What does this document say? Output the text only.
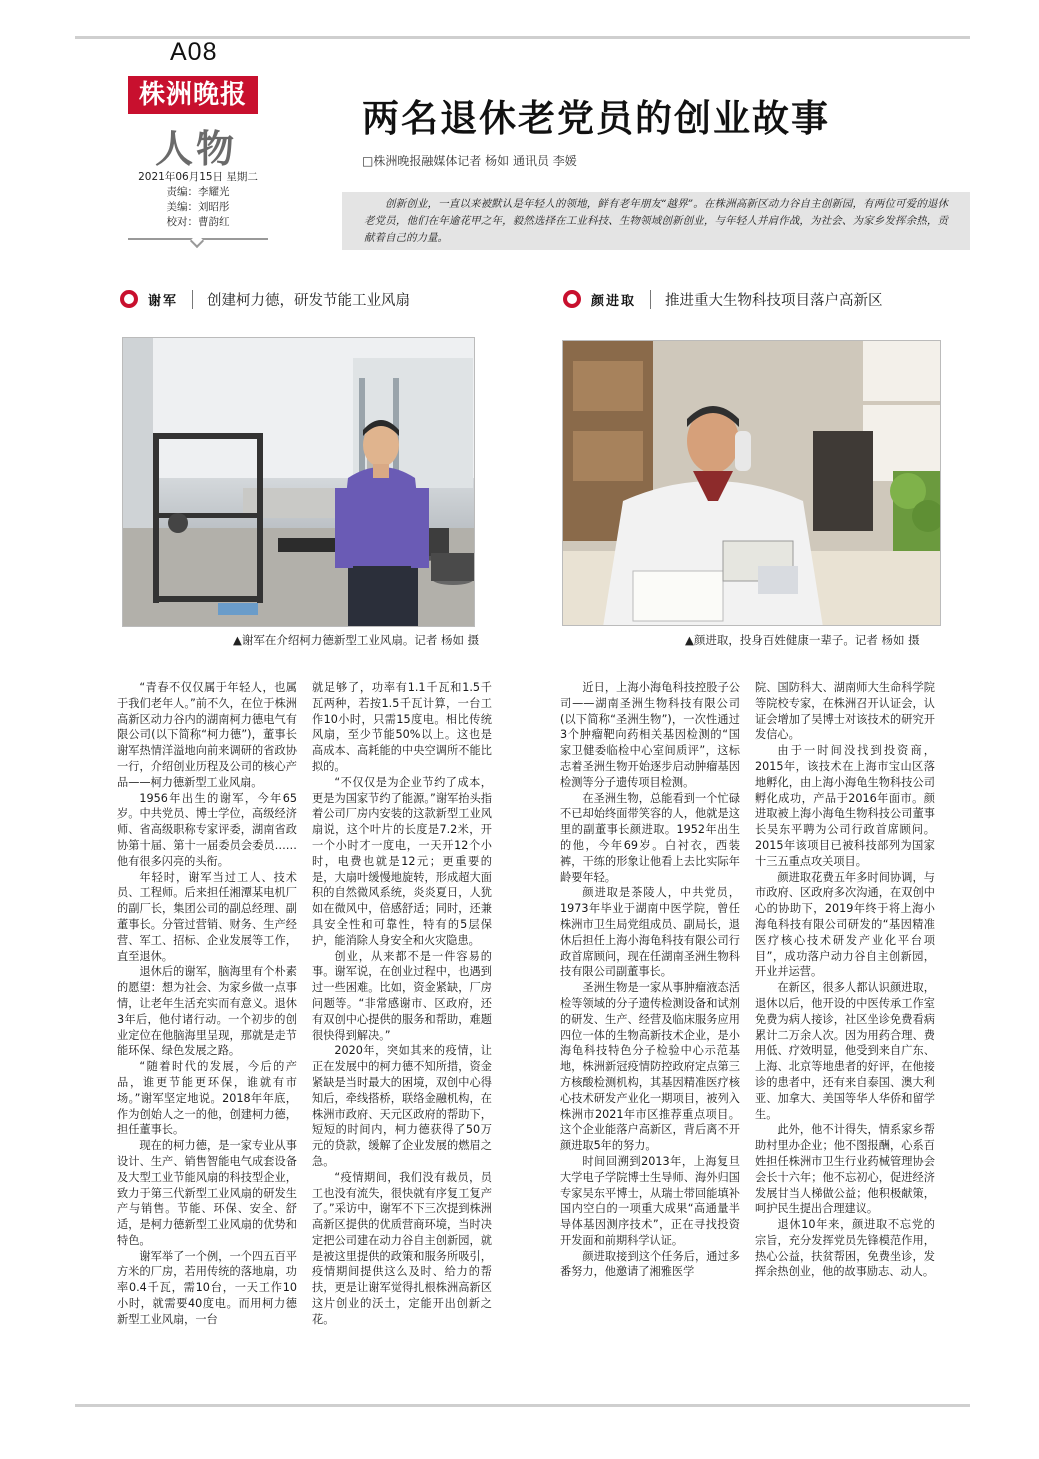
A08
株洲晚报
人物
2021年06月15日 星期二
责编：李耀光
美编：刘昭彤
校对：曹韵红
两名退休老党员的创业故事
□株洲晚报融媒体记者 杨如 通讯员 李媛
创新创业，一直以来被默认是年轻人的领地，鲜有老年朋友“越界”。在株洲高新区动力谷自主创新园，有两位可爱的退休老党员，他们在年逾花甲之年，毅然选择在工业科技、生物领域创新创业，与年轻人并肩作战，为社会、为家乡发挥余热，贡献着自己的力量。
谢军	创建柯力德，研发节能工业风扇	颜进取	推进重大生物科技项目落户高新区
▲谢军在介绍柯力德新型工业风扇。记者 杨如 摄	▲颜进取，投身百姓健康一辈子。记者 杨如 摄

“青春不仅仅属于年轻人，也属于我们老年人。”前不久，在位于株洲高新区动力谷内的湖南柯力德电气有限公司(以下简称“柯力德”)，董事长谢军热情洋溢地向前来调研的省政协一行，介绍创业历程及公司的核心产品——柯力德新型工业风扇。

1956年出生的谢军，今年65岁。中共党员、博士学位，高级经济师、省高级职称专家评委，湖南省政协第十届、第十一届委员会委员……他有很多闪亮的头衔。

年轻时，谢军当过工人、技术员、工程师。后来担任湘潭某电机厂的副厂长，集团公司的副总经理、副董事长。分管过营销、财务、生产经营、军工、招标、企业发展等工作，直至退休。

退休后的谢军，脑海里有个朴素的愿望：想为社会、为家乡做一点事情，让老年生活充实而有意义。退休3年后，他付诸行动。一个初步的创业定位在他脑海里呈现，那就是走节能环保、绿色发展之路。

“随着时代的发展，今后的产品，谁更节能更环保，谁就有市场。”谢军坚定地说。2018年年底，作为创始人之一的他，创建柯力德，担任董事长。

现在的柯力德，是一家专业从事设计、生产、销售智能电气成套设备及大型工业节能风扇的科技型企业，致力于第三代新型工业风扇的研发生产与销售。节能、环保、安全、舒适，是柯力德新型工业风扇的优势和特色。

谢军举了一个例，一个四五百平方米的厂房，若用传统的落地扇，功率0.4千瓦，需10台，一天工作10小时，就需要40度电。而用柯力德新型工业风扇，一台

就足够了，功率有1.1千瓦和1.5千瓦两种，若按1.5千瓦计算，一台工作10小时，只需15度电。相比传统风扇，至少节能50%以上。这也是高成本、高耗能的中央空调所不能比拟的。

“不仅仅是为企业节约了成本，更是为国家节约了能源。”谢军抬头指着公司厂房内安装的这款新型工业风扇说，这个叶片的长度是7.2米，开一个小时才一度电，一天开12个小时，电费也就是12元；更重要的是，大扇叶缓慢地旋转，形成超大面积的自然微风系统，炎炎夏日，人犹如在微风中，倍感舒适；同时，还兼具安全性和可靠性，特有的5层保护，能消除人身安全和火灾隐患。

创业，从来都不是一件容易的事。谢军说，在创业过程中，也遇到过一些困难。比如，资金紧缺，厂房问题等。“非常感谢市、区政府，还有双创中心提供的服务和帮助，难题很快得到解决。”

2020年，突如其来的疫情，让正在发展中的柯力德不知所措，资金紧缺是当时最大的困境，双创中心得知后，牵线搭桥，联络金融机构，在株洲市政府、天元区政府的帮助下，短短的时间内，柯力德获得了50万元的贷款，缓解了企业发展的燃眉之急。

“疫情期间，我们没有裁员，员工也没有流失，很快就有序复工复产了。”采访中，谢军不下三次提到株洲高新区提供的优质营商环境，当时决定把公司建在动力谷自主创新园，就是被这里提供的政策和服务所吸引，疫情期间提供这么及时、给力的帮扶，更是让谢军觉得扎根株洲高新区这片创业的沃土，定能开出创新之花。

近日，上海小海龟科技控股子公司——湖南圣洲生物科技有限公司(以下简称“圣洲生物”)，一次性通过3个肿瘤靶向药相关基因检测的“国家卫健委临检中心室间质评”，这标志着圣洲生物开始逐步启动肿瘤基因检测等分子遗传项目检测。

在圣洲生物，总能看到一个忙碌不已却始终面带笑容的人，他就是这里的副董事长颜进取。1952年出生的他，今年69岁。白衬衣，西装裤，干练的形象让他看上去比实际年龄要年轻。

颜进取是茶陵人，中共党员，1973年毕业于湖南中医学院，曾任株洲市卫生局党组成员、副局长，退休后担任上海小海龟科技有限公司行政首席顾问，现在任湖南圣洲生物科技有限公司副董事长。

圣洲生物是一家从事肿瘤液态活检等领域的分子遗传检测设备和试剂的研发、生产、经营及临床服务应用四位一体的生物高新技术企业，是小海龟科技特色分子检验中心示范基地，株洲新冠疫情防控政府定点第三方核酸检测机构，其基因精准医疗核心技术研发产业化一期项目，被列入株洲市2021年市区推荐重点项目。这个企业能落户高新区，背后离不开颜进取5年的努力。

时间回溯到2013年，上海复旦大学电子学院博士生导师、海外归国专家吴东平博士，从瑞士带回能填补国内空白的一项重大成果“高通量半导体基因测序技术”，正在寻找投资开发面和前期科学认证。

颜进取接到这个任务后，通过多番努力，他邀请了湘雅医学

院、国防科大、湖南师大生命科学院等院校专家，在株洲召开认证会，认证会增加了吴博士对该技术的研究开发信心。

由于一时间没找到投资商，2015年，该技术在上海市宝山区落地孵化，由上海小海龟生物科技公司孵化成功，产品于2016年面市。颜进取被上海小海龟生物科技公司董事长吴东平聘为公司行政首席顾问。2015年该项目已被科技部列为国家十三五重点攻关项目。

颜进取花费五年多时间协调，与市政府、区政府多次沟通，在双创中心的协助下，2019年终于将上海小海龟科技有限公司研发的“基因精准医疗核心技术研发产业化平台项目”，成功落户动力谷自主创新园，开业并运营。

在新区，很多人都认识颜进取，退休以后，他开设的中医传承工作室免费为病人接诊，社区坐诊免费看病累计二万余人次。因为用药合理、费用低、疗效明显，他受到来自广东、上海、北京等地患者的好评，在他接诊的患者中，还有来自泰国、澳大利亚、加拿大、美国等华人华侨和留学生。

此外，他不计得失，情系家乡帮助村里办企业；他不图报酬，心系百姓担任株洲市卫生行业药械管理协会会长十六年；他不忘初心，促进经济发展甘当人梯做公益；他积极献策，呵护民生提出合理建议。

退休10年来，颜进取不忘党的宗旨，充分发挥党员先锋模范作用，热心公益，扶贫帮困，免费坐诊，发挥余热创业，他的故事励志、动人。
